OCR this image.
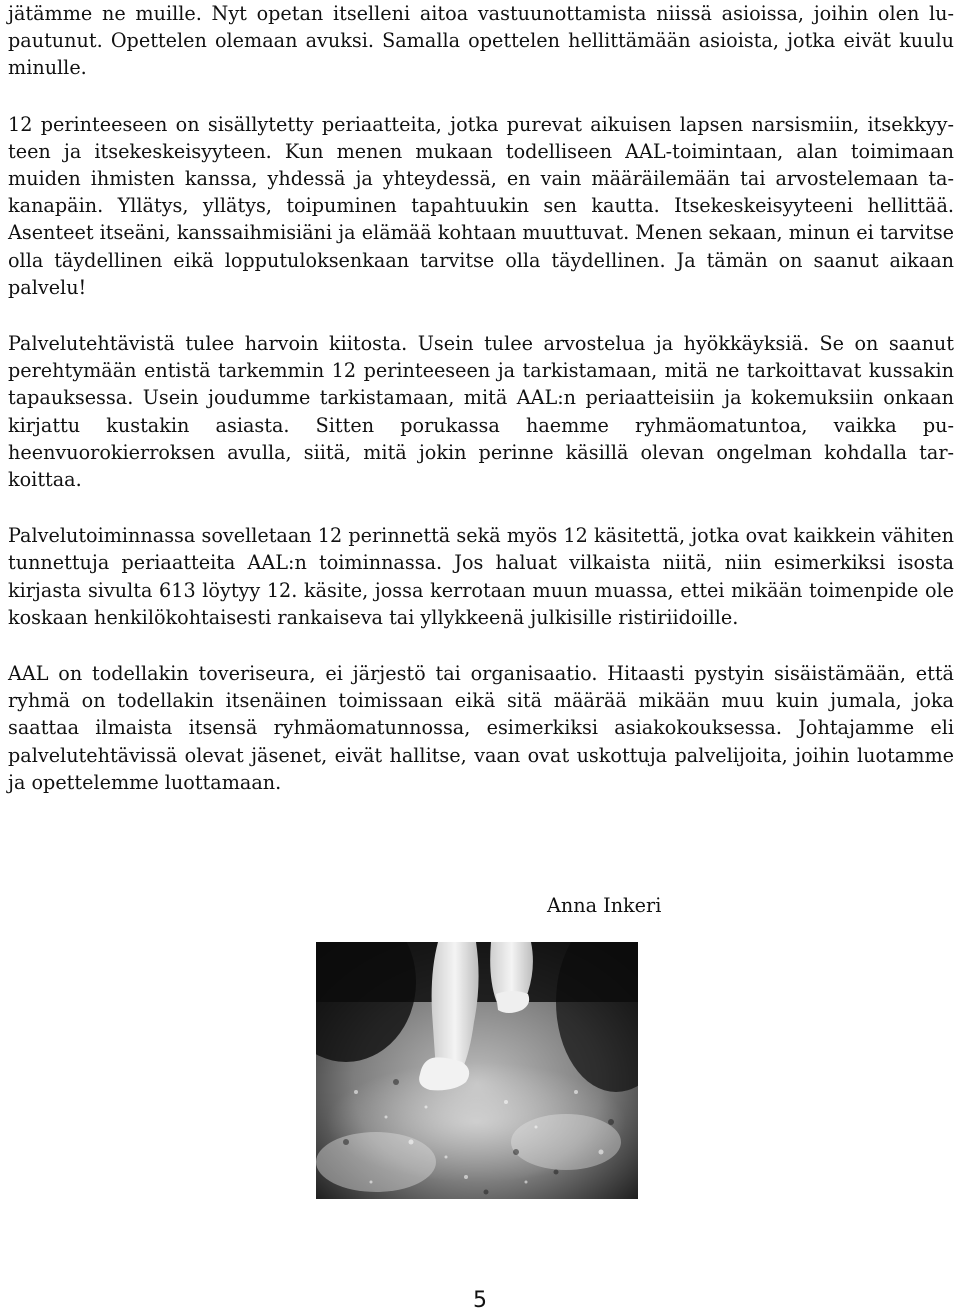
jätämme ne muille. Nyt opetan itselleni aitoa vastuunottamista niissä asioissa, joihin olen lupautunut. Opettelen olemaan avuksi. Samalla opettelen hellittämään asioista, jotka eivät kuulu minulle.

12 perinteeseen on sisällytetty periaatteita, jotka purevat aikuisen lapsen narsismiin, itsekkyyteen ja itsekeskeisyyteen. Kun menen mukaan todelliseen AAL-toimintaan, alan toimimaan muiden ihmisten kanssa, yhdessä ja yhteydessä, en vain määräilemään tai arvostelemaan takanapäin. Yllätys, yllätys, toipuminen tapahtuukin sen kautta. Itsekeskeisyyteeni hellittää. Asenteet itseäni, kanssaihmisiäni ja elämää kohtaan muuttuvat. Menen sekaan, minun ei tarvitse olla täydellinen eikä lopputuloksenkaan tarvitse olla täydellinen. Ja tämän on saanut aikaan palvelu!

Palvelutehtävistä tulee harvoin kiitosta. Usein tulee arvostelua ja hyökkäyksiä. Se on saanut perehtymään entistä tarkemmin 12 perinteeseen ja tarkistamaan, mitä ne tarkoittavat kussakin tapauksessa. Usein joudumme tarkistamaan, mitä AAL:n periaatteisiin ja kokemuksiin onkaan kirjattu kustakin asiasta. Sitten porukassa haemme ryhmäomatuntoa, vaikka puheenvuorokierroksen avulla, siitä, mitä jokin perinne käsillä olevan ongelman kohdalla tarkoittaa.

Palvelutoiminnassa sovelletaan 12 perinnettä sekä myös 12 käsitettä, jotka ovat kaikkein vähiten tunnettuja periaatteita AAL:n toiminnassa. Jos haluat vilkaista niitä, niin esimerkiksi isosta kirjasta sivulta 613 löytyy 12. käsite, jossa kerrotaan muun muassa, ettei mikään toimenpide ole koskaan henkilökohtaisesti rankaiseva tai yllykkeenä julkisille ristiriidoille.

AAL on todellakin toveriseura, ei järjestö tai organisaatio. Hitaasti pystyin sisäistämään, että ryhmä on todellakin itsenäinen toimissaan eikä sitä määrää mikään muu kuin jumala, joka saattaa ilmaista itsensä ryhmäomatunnossa, esimerkiksi asiakokouksessa. Johtajamme eli palvelutehtävissä olevat jäsenet, eivät hallitse, vaan ovat uskottuja palvelijoita, joihin luotamme ja opettelemme luottamaan.

Anna Inkeri
5
